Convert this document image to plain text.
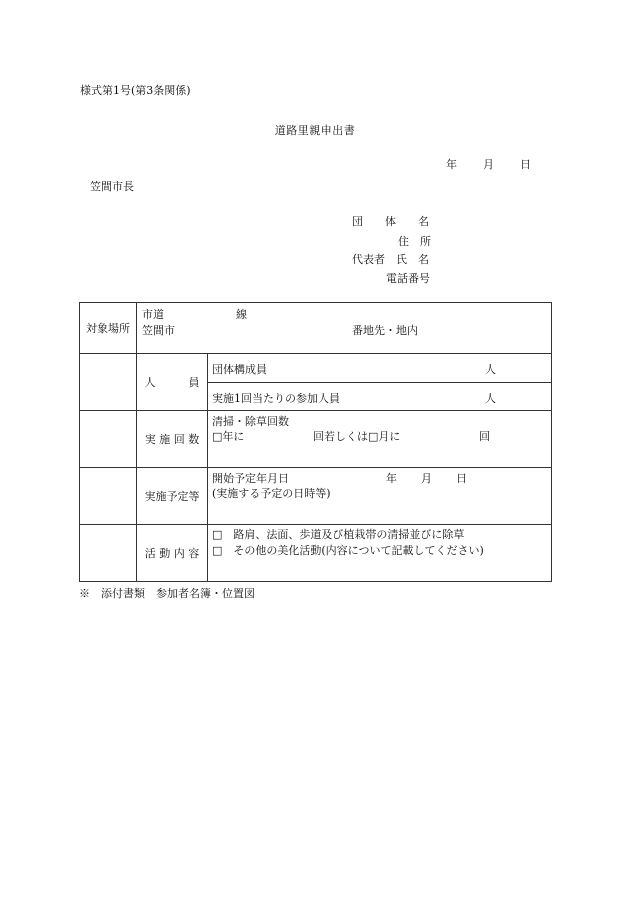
様式第1号(第3条関係)
道路里親申出書
年 月 日
笠間市長
団　　体　　名
住　所
代表者　氏　名
電話番号
対象場所	市道 線
笠間市 番地先・地内	

	人　　　員	団体構成員 人

		実施1回当たりの参加人員 人

	実 施 回 数	清掃・除草回数
□年に 回若しくは□月に 回

	実施予定等	開始予定年月日 年 月 日
(実施する予定の日時等)

	活 動 内 容	□　路肩、法面、歩道及び植栽帯の清掃並びに除草
□　その他の美化活動(内容について記載してください)
※　添付書類　参加者名簿・位置図
